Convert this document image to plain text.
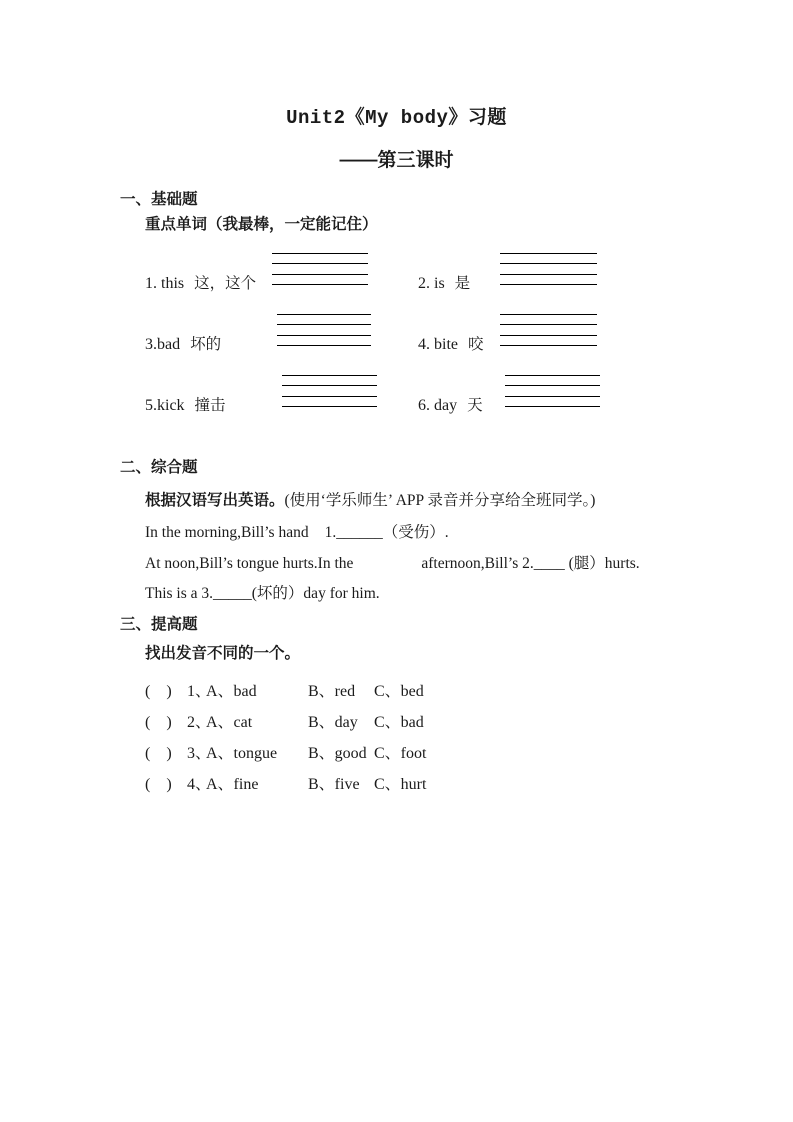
Unit2《My body》习题
——第三课时
一、基础题
重点单词（我最棒，一定能记住）
1. this 这，这个	2. is 是
3.bad 坏的	4. bite 咬
5.kick 撞击	6. day 天
二、综合题
根据汉语写出英语。(使用‘学乐师生’ APP 录音并分享给全班同学。)
In the morning,Bill’s hand 1.______（受伤）.
At noon,Bill’s tongue hurts.In the	afternoon,Bill’s 2.____ (腿）hurts.
This is a 3._____(坏的）day for him.
三、提高题
找出发音不同的一个。
(　) 1、A、bad	B、red C、bed
(　) 2、A、cat	B、day C、bad
(　) 3、A、tongue B、good C、foot
(　) 4、A、fine	B、five C、hurt
